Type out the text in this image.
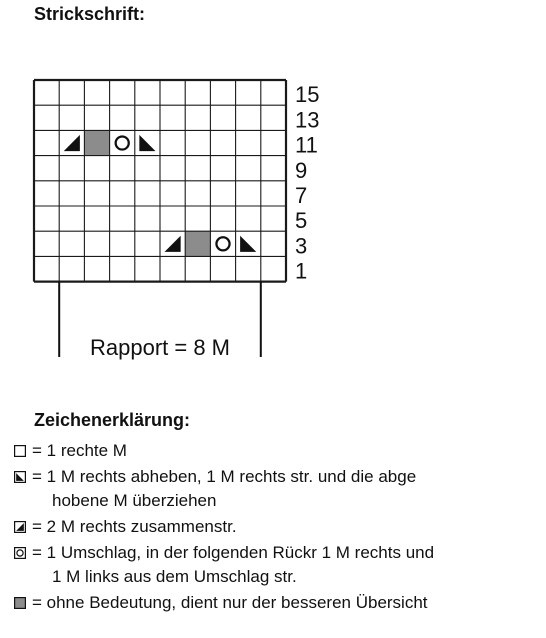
Strickschrift:
15
13
11
9
7
5
3
1
Rapport = 8 M
Zeichenerklärung:
= 1 rechte M
= 1 M rechts abheben, 1 M rechts str. und die abge
hobene M überziehen
= 2 M rechts zusammenstr.
= 1 Umschlag, in der folgenden Rückr 1 M rechts und
1 M links aus dem Umschlag str.
= ohne Bedeutung, dient nur der besseren Übersicht
